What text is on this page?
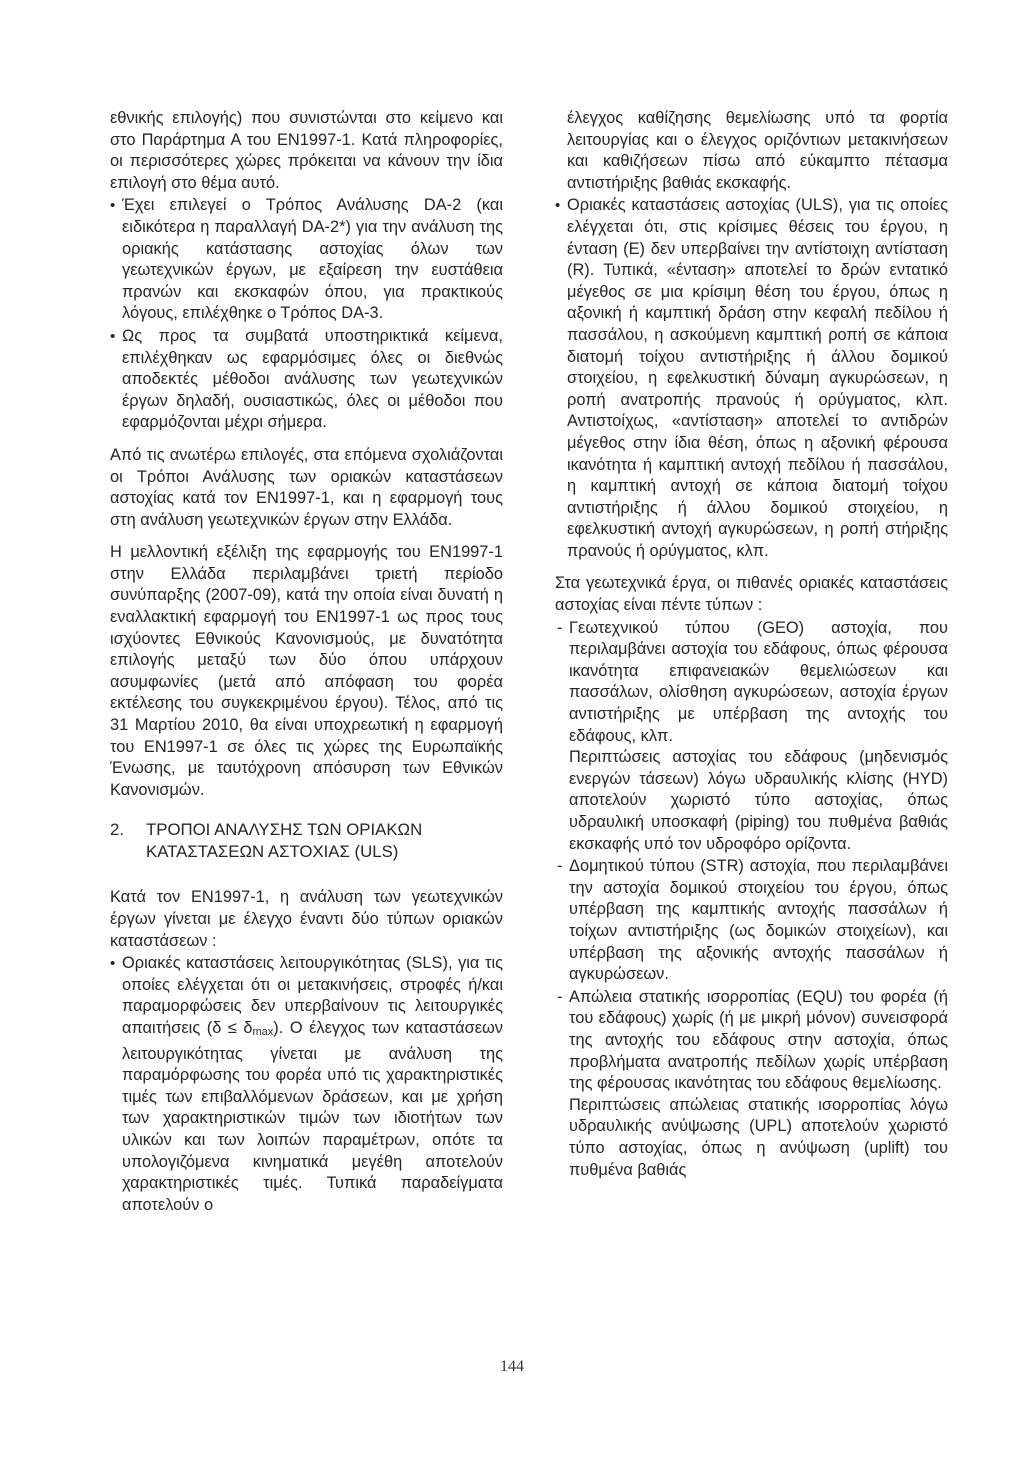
εθνικής επιλογής) που συνιστώνται στο κείμενο και στο Παράρτημα Α του ΕΝ1997-1. Κατά πληροφορίες, οι περισσότερες χώρες πρόκειται να κάνουν την ίδια επιλογή στο θέμα αυτό.

• Έχει επιλεγεί ο Τρόπος Ανάλυσης DA-2 (και ειδικότερα η παραλλαγή DA-2*) για την ανάλυση της οριακής κατάστασης αστοχίας όλων των γεωτεχνικών έργων, με εξαίρεση την ευστάθεια πρανών και εκσκαφών όπου, για πρακτικούς λόγους, επιλέχθηκε ο Τρόπος DA-3.
• Ως προς τα συμβατά υποστηρικτικά κείμενα, επιλέχθηκαν ως εφαρμόσιμες όλες οι διεθνώς αποδεκτές μέθοδοι ανάλυσης των γεωτεχνικών έργων δηλαδή, ουσιαστικώς, όλες οι μέθοδοι που εφαρμόζονται μέχρι σήμερα.

Από τις ανωτέρω επιλογές, στα επόμενα σχολιάζονται οι Τρόποι Ανάλυσης των οριακών καταστάσεων αστοχίας κατά τον ΕΝ1997-1, και η εφαρμογή τους στη ανάλυση γεωτεχνικών έργων στην Ελλάδα.

Η μελλοντική εξέλιξη της εφαρμογής του ΕΝ1997-1 στην Ελλάδα περιλαμβάνει τριετή περίοδο συνύπαρξης (2007-09), κατά την οποία είναι δυνατή η εναλλακτική εφαρμογή του ΕΝ1997-1 ως προς τους ισχύοντες Εθνικούς Κανονισμούς, με δυνατότητα επιλογής μεταξύ των δύο όπου υπάρχουν ασυμφωνίες (μετά από απόφαση του φορέα εκτέλεσης του συγκεκριμένου έργου). Τέλος, από τις 31 Μαρτίου 2010, θα είναι υποχρεωτική η εφαρμογή του ΕΝ1997-1 σε όλες τις χώρες της Ευρωπαϊκής Ένωσης, με ταυτόχρονη απόσυρση των Εθνικών Κανονισμών.

2.	ΤΡΟΠΟΙ ΑΝΑΛΥΣΗΣ ΤΩΝ ΟΡΙΑΚΩΝ ΚΑΤΑΣΤΑΣΕΩΝ ΑΣΤΟΧΙΑΣ (ULS)

Κατά τον ΕΝ1997-1, η ανάλυση των γεωτεχνικών έργων γίνεται με έλεγχο έναντι δύο τύπων οριακών καταστάσεων :

• Οριακές καταστάσεις λειτουργικότητας (SLS), για τις οποίες ελέγχεται ότι οι μετακινήσεις, στροφές ή/και παραμορφώσεις δεν υπερβαίνουν τις λειτουργικές απαιτήσεις $(\delta \le \delta_{max})$. Ο έλεγχος των καταστάσεων λειτουργικότητας γίνεται με ανάλυση της παραμόρφωσης του φορέα υπό τις χαρακτηριστικές τιμές των επιβαλλόμενων δράσεων, και με χρήση των χαρακτηριστικών τιμών των ιδιοτήτων των υλικών και των λοιπών παραμέτρων, οπότε τα υπολογιζόμενα κινηματικά μεγέθη αποτελούν χαρακτηριστικές τιμές. Τυπικά παραδείγματα αποτελούν ο

έλεγχος καθίζησης θεμελίωσης υπό τα φορτία λειτουργίας και ο έλεγχος οριζόντιων μετακινήσεων και καθιζήσεων πίσω από εύκαμπτο πέτασμα αντιστήριξης βαθιάς εκσκαφής.

• Οριακές καταστάσεις αστοχίας (ULS), για τις οποίες ελέγχεται ότι, στις κρίσιμες θέσεις του έργου, η ένταση (Ε) δεν υπερβαίνει την αντίστοιχη αντίσταση (R). Τυπικά, «ένταση» αποτελεί το δρών εντατικό μέγεθος σε μια κρίσιμη θέση του έργου, όπως η αξονική ή καμπτική δράση στην κεφαλή πεδίλου ή πασσάλου, η ασκούμενη καμπτική ροπή σε κάποια διατομή τοίχου αντιστήριξης ή άλλου δομικού στοιχείου, η εφελκυστική δύναμη αγκυρώσεων, η ροπή ανατροπής πρανούς ή ορύγματος, κλπ. Αντιστοίχως, «αντίσταση» αποτελεί το αντιδρών μέγεθος στην ίδια θέση, όπως η αξονική φέρουσα ικανότητα ή καμπτική αντοχή πεδίλου ή πασσάλου, η καμπτική αντοχή σε κάποια διατομή τοίχου αντιστήριξης ή άλλου δομικού στοιχείου, η εφελκυστική αντοχή αγκυρώσεων, η ροπή στήριξης πρανούς ή ορύγματος, κλπ.

Στα γεωτεχνικά έργα, οι πιθανές οριακές καταστάσεις αστοχίας είναι πέντε τύπων :

- Γεωτεχνικού τύπου (GEO) αστοχία, που περιλαμβάνει αστοχία του εδάφους, όπως φέρουσα ικανότητα επιφανειακών θεμελιώσεων και πασσάλων, ολίσθηση αγκυρώσεων, αστοχία έργων αντιστήριξης με υπέρβαση της αντοχής του εδάφους, κλπ.
Περιπτώσεις αστοχίας του εδάφους (μηδενισμός ενεργών τάσεων) λόγω υδραυλικής κλίσης (HYD) αποτελούν χωριστό τύπο αστοχίας, όπως υδραυλική υποσκαφή (piping) του πυθμένα βαθιάς εκσκαφής υπό τον υδροφόρο ορίζοντα.
- Δομητικού τύπου (STR) αστοχία, που περιλαμβάνει την αστοχία δομικού στοιχείου του έργου, όπως υπέρβαση της καμπτικής αντοχής πασσάλων ή τοίχων αντιστήριξης (ως δομικών στοιχείων), και υπέρβαση της αξονικής αντοχής πασσάλων ή αγκυρώσεων.
- Απώλεια στατικής ισορροπίας (EQU) του φορέα (ή του εδάφους) χωρίς (ή με μικρή μόνον) συνεισφορά της αντοχής του εδάφους στην αστοχία, όπως προβλήματα ανατροπής πεδίλων χωρίς υπέρβαση της φέρουσας ικανότητας του εδάφους θεμελίωσης.
Περιπτώσεις απώλειας στατικής ισορροπίας λόγω υδραυλικής ανύψωσης (UPL) αποτελούν χωριστό τύπο αστοχίας, όπως η ανύψωση (uplift) του πυθμένα βαθιάς
144
